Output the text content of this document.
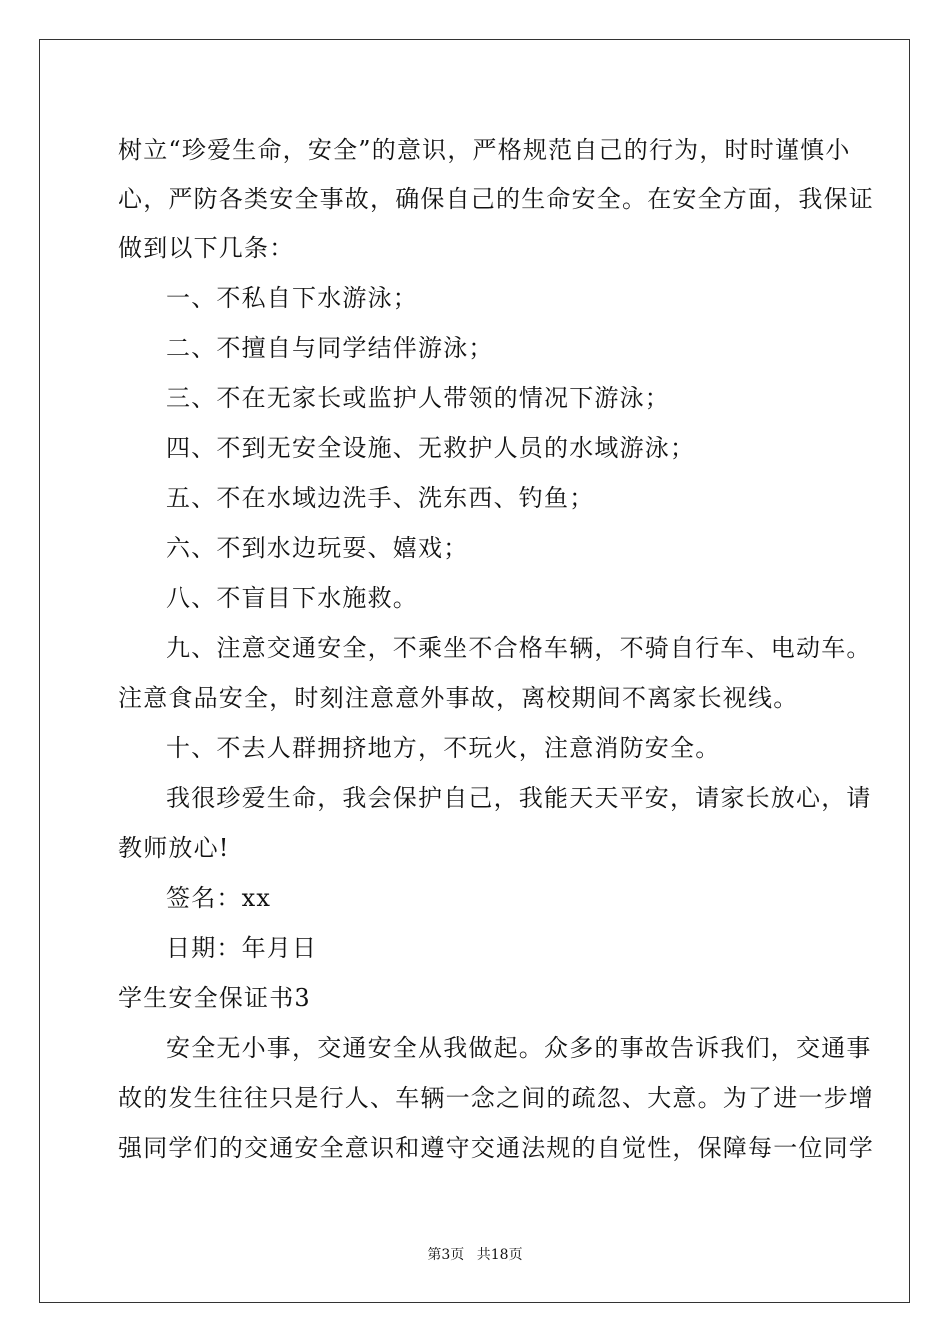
树立“珍爱生命，安全”的意识，严格规范自己的行为，时时谨慎小
心，严防各类安全事故，确保自己的生命安全。在安全方面，我保证
做到以下几条：
一、不私自下水游泳；
二、不擅自与同学结伴游泳；
三、不在无家长或监护人带领的情况下游泳；
四、不到无安全设施、无救护人员的水域游泳；
五、不在水域边洗手、洗东西、钓鱼；
六、不到水边玩耍、嬉戏；
八、不盲目下水施救。
九、注意交通安全，不乘坐不合格车辆，不骑自行车、电动车。
注意食品安全，时刻注意意外事故，离校期间不离家长视线。
十、不去人群拥挤地方，不玩火，注意消防安全。
我很珍爱生命，我会保护自己，我能天天平安，请家长放心，请
教师放心!
签名：xx
日期：年月日
学生安全保证书3
安全无小事，交通安全从我做起。众多的事故告诉我们，交通事
故的发生往往只是行人、车辆一念之间的疏忽、大意。为了进一步增
强同学们的交通安全意识和遵守交通法规的自觉性，保障每一位同学
第3页 共18页
